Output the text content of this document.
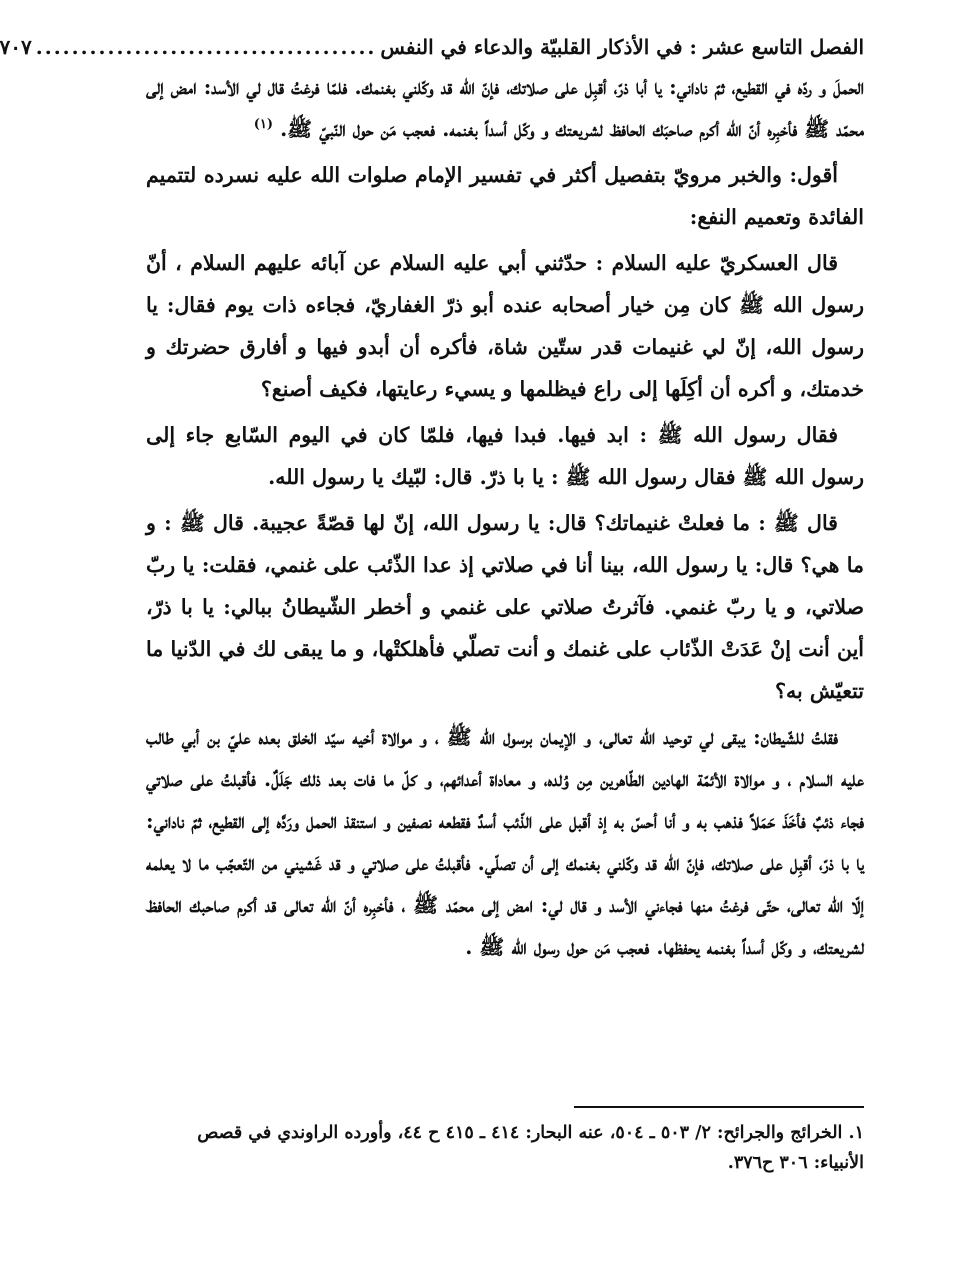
الفصل التاسع عشر : في الأذكار القلبيّة والدعاء في النفس
......................................
٧٠٧

الحملَ و ردّه في القطيع، ثمّ ناداني: يا أبا ذرّ، أقبِل على صلاتك، فإنّ الله قد وكّلني بغنمك. فلمّا فرغتُ قال لي الأسد: امض إلى محمّد ﷺ فأخبِره أنّ الله أكرم صاحبَك الحافظ لشريعتك و وكّل أسداً بغنمه. فعجب مَن حول النّبيّ ﷺ. $^{(١)}$

أقول: والخبر مرويّ بتفصيل أكثر في تفسير الإمام صلوات الله عليه نسرده لتتميم الفائدة وتعميم النفع:

قال العسكريّ عليه السلام : حدّثني أبي عليه السلام عن آبائه عليهم السلام ، أنّ رسول الله ﷺ كان مِن خيار أصحابه عنده أبو ذرّ الغفاريّ، فجاءه ذات يوم فقال: يا رسول الله، إنّ لي غنيمات قدر ستّين شاة، فأكره أن أبدو فيها و أفارق حضرتك و خدمتك، و أكره أن أكِلَها إلى راع فيظلمها و يسيء رعايتها، فكيف أصنع؟

فقال رسول الله ﷺ : ابد فيها. فبدا فيها، فلمّا كان في اليوم السّابع جاء إلى رسول الله ﷺ فقال رسول الله ﷺ : يا با ذرّ. قال: لبّيك يا رسول الله.

قال ﷺ : ما فعلتْ غنيماتك؟ قال: يا رسول الله، إنّ لها قصّةً عجيبة. قال ﷺ : و ما هي؟ قال: يا رسول الله، بينا أنا في صلاتي إذ عدا الذّئب على غنمي، فقلت: يا ربّ صلاتي، و يا ربّ غنمي. فآثرتُ صلاتي على غنمي و أخطر الشّيطانُ ببالي: يا با ذرّ، أين أنت إنْ عَدَتْ الذّئاب على غنمك و أنت تصلّي فأهلكتْها، و ما يبقى لك في الدّنيا ما تتعيّش به؟

فقلتُ للشّيطان: يبقى لي توحيد الله تعالى، و الإيمان برسول الله ﷺ ، و موالاة أخيه سيّد الخلق بعده عليّ بن أبي طالب عليه السلام ، و موالاة الأئمّة الهادين الطّاهرين مِن وُلده، و معاداة أعدائهم، و كلّ ما فات بعد ذلك جَلَلٌ. فأقبلتُ على صلاتي فجاء ذئبٌ فأخَذَ حَمَلاً فذهب به و أنا أحسّ به إذ أقبل على الذّئب أسدٌ فقطعه نصفين و استنقذ الحمل ورَدَّه إلى القطيع، ثمّ ناداني: يا با ذرّ، أقبِل على صلاتك، فإنّ الله قد وكّلني بغنمك إلى أن تصلّي. فأقبلتُ على صلاتي و قد غَشيني من التّعجّب ما لا يعلمه إلّا الله تعالى، حتّى فرغتُ منها فجاءني الأسد و قال لي: امض إلى محمّد ﷺ ، فأخبِره أنّ الله تعالى قد أكرم صاحبك الحافظ لشريعتك، و وكّل أسداً بغنمه يحفظها. فعجب مَن حول رسول الله ﷺ .

١. الخرائج والجرائح: ٢/ ٥٠٣ ـ ٥٠٤، عنه البحار: ٤١٤ ـ ٤١٥ ح ٤٤، وأورده الراوندي في قصص الأنبياء: ٣٠٦ ح٣٧٦.
